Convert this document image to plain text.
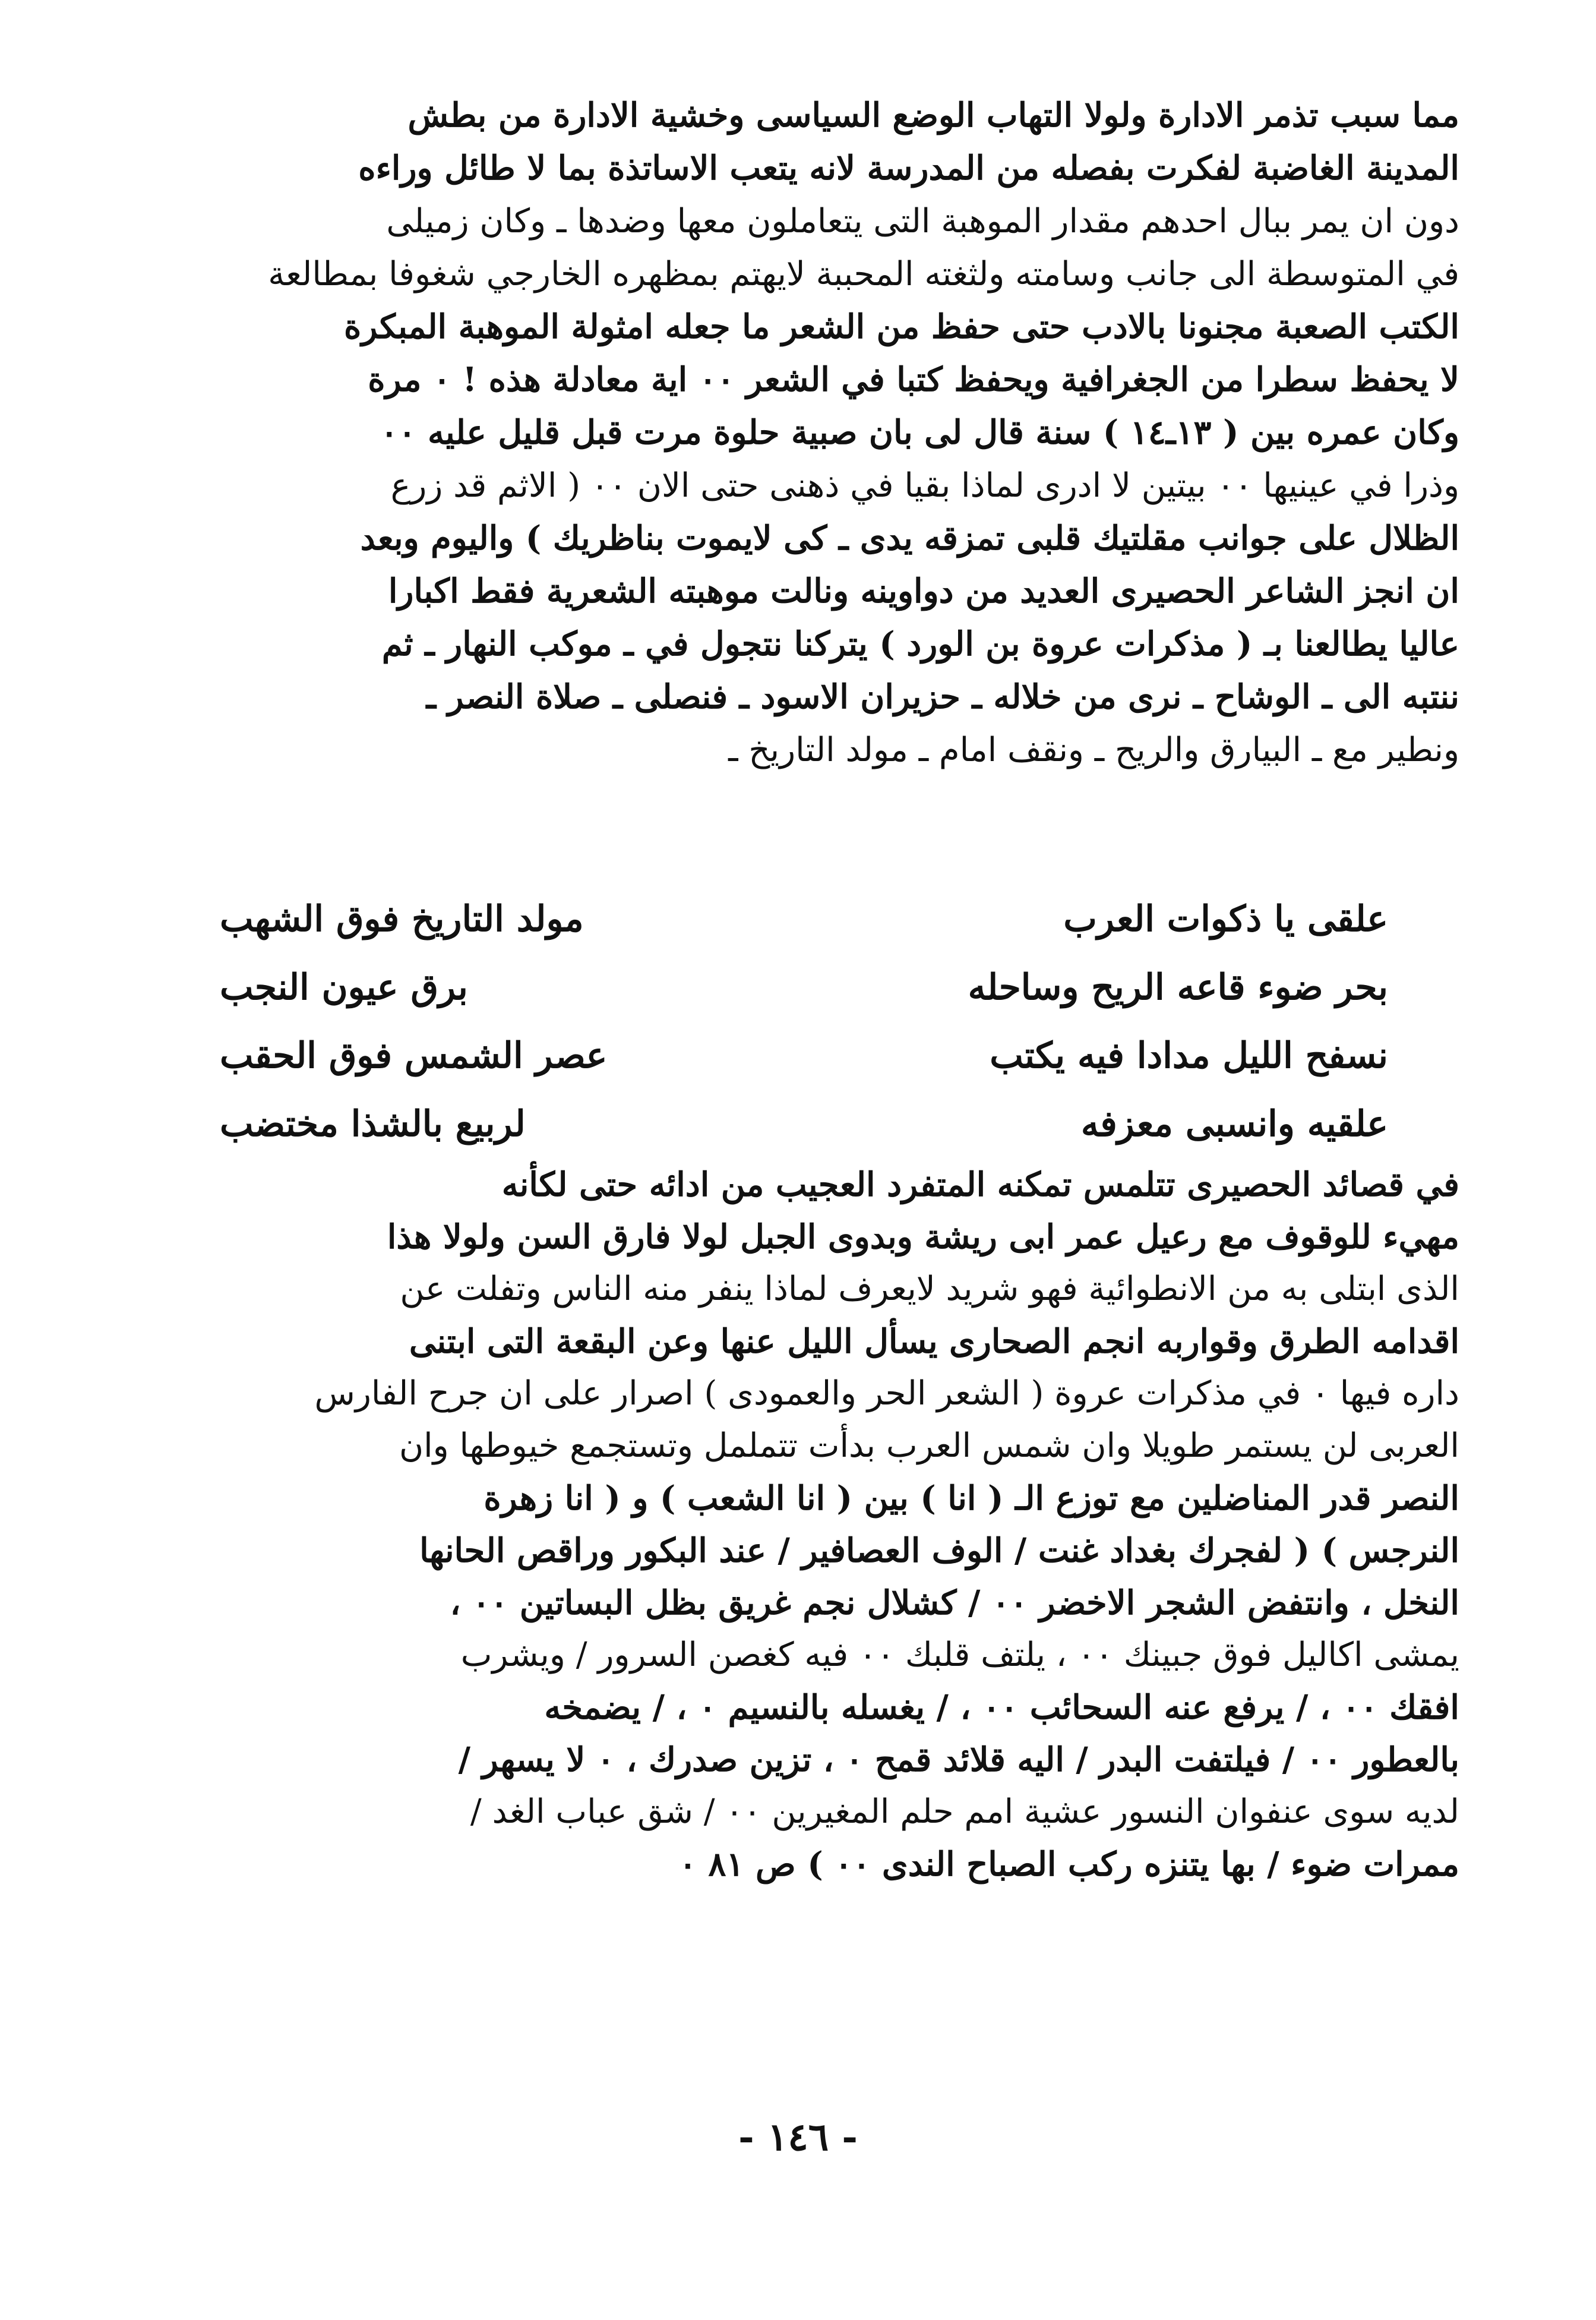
مما سبب تذمر الادارة ولولا التهاب الوضع السياسى وخشية الادارة من بطش
المدينة الغاضبة لفكرت بفصله من المدرسة لانه يتعب الاساتذة بما لا طائل وراءه
دون ان يمر ببال احدهم مقدار الموهبة التى يتعاملون معها وضدها ـ وكان زميلى
في المتوسطة الى جانب وسامته ولثغته المحببة لايهتم بمظهره الخارجي شغوفا بمطالعة
الكتب الصعبة مجنونا بالادب حتى حفظ من الشعر ما جعله امثولة الموهبة المبكرة
لا يحفظ سطرا من الجغرافية ويحفظ كتبا في الشعر ٠٠ اية معادلة هذه ! ٠ مرة
وكان عمره بين ( ١٣ـ١٤ ) سنة قال لى بان صبية حلوة مرت قبل قليل عليه ٠٠
وذرا في عينيها ٠٠ بيتين لا ادرى لماذا بقيا في ذهنى حتى الان ٠٠ ( الاثم قد زرع
الظلال على جوانب مقلتيك قلبى تمزقه يدى ـ كى لايموت بناظريك ) واليوم وبعد
ان انجز الشاعر الحصيرى العديد من دواوينه ونالت موهبته الشعرية فقط اكبارا
عاليا يطالعنا بـ ( مذكرات عروة بن الورد ) يتركنا نتجول في ـ موكب النهار ـ ثم
ننتبه الى ـ الوشاح ـ نرى من خلاله ـ حزيران الاسود ـ فنصلى ـ صلاة النصر ـ
ونطير مع ـ البيارق والريح ـ ونقف امام ـ مولد التاريخ ـ
علقى يا ذكوات العرب
مولد التاريخ فوق الشهب
بحر ضوء قاعه الريح وساحله
برق عيون النجب
نسفح الليل مدادا فيه يكتب
عصر الشمس فوق الحقب
علقيه وانسبى معزفه
لربيع بالشذا مختضب
في قصائد الحصيرى تتلمس تمكنه المتفرد العجيب من ادائه حتى لكأنه
مهيء للوقوف مع رعيل عمر ابى ريشة وبدوى الجبل لولا فارق السن ولولا هذا
الذى ابتلى به من الانطوائية فهو شريد لايعرف لماذا ينفر منه الناس وتفلت عن
اقدامه الطرق وقواربه انجم الصحارى يسأل الليل عنها وعن البقعة التى ابتنى
داره فيها ٠ في مذكرات عروة ( الشعر الحر والعمودى ) اصرار على ان جرح الفارس
العربى لن يستمر طويلا وان شمس العرب بدأت تتململ وتستجمع خيوطها وان
النصر قدر المناضلين مع توزع الـ ( انا ) بين ( انا الشعب ) و ( انا زهرة
النرجس ) ( لفجرك بغداد غنت / الوف العصافير / عند البكور وراقص الحانها
النخل ، وانتفض الشجر الاخضر ٠٠ / كشلال نجم غريق بظل البساتين ٠٠ ،
يمشى اكاليل فوق جبينك ٠٠ ، يلتف قلبك ٠٠ فيه كغصن السرور / ويشرب
افقك ٠٠ ، / يرفع عنه السحائب ٠٠ ، / يغسله بالنسيم ٠ ، / يضمخه
بالعطور ٠٠ / فيلتفت البدر / اليه قلائد قمح ٠ ، تزين صدرك ، ٠ لا يسهر /
لديه سوى عنفوان النسور عشية امم حلم المغيرين ٠٠ / شق عباب الغد /
ممرات ضوء / بها يتنزه ركب الصباح الندى ٠٠ ) ص ٨١ ٠
- ١٤٦ -
